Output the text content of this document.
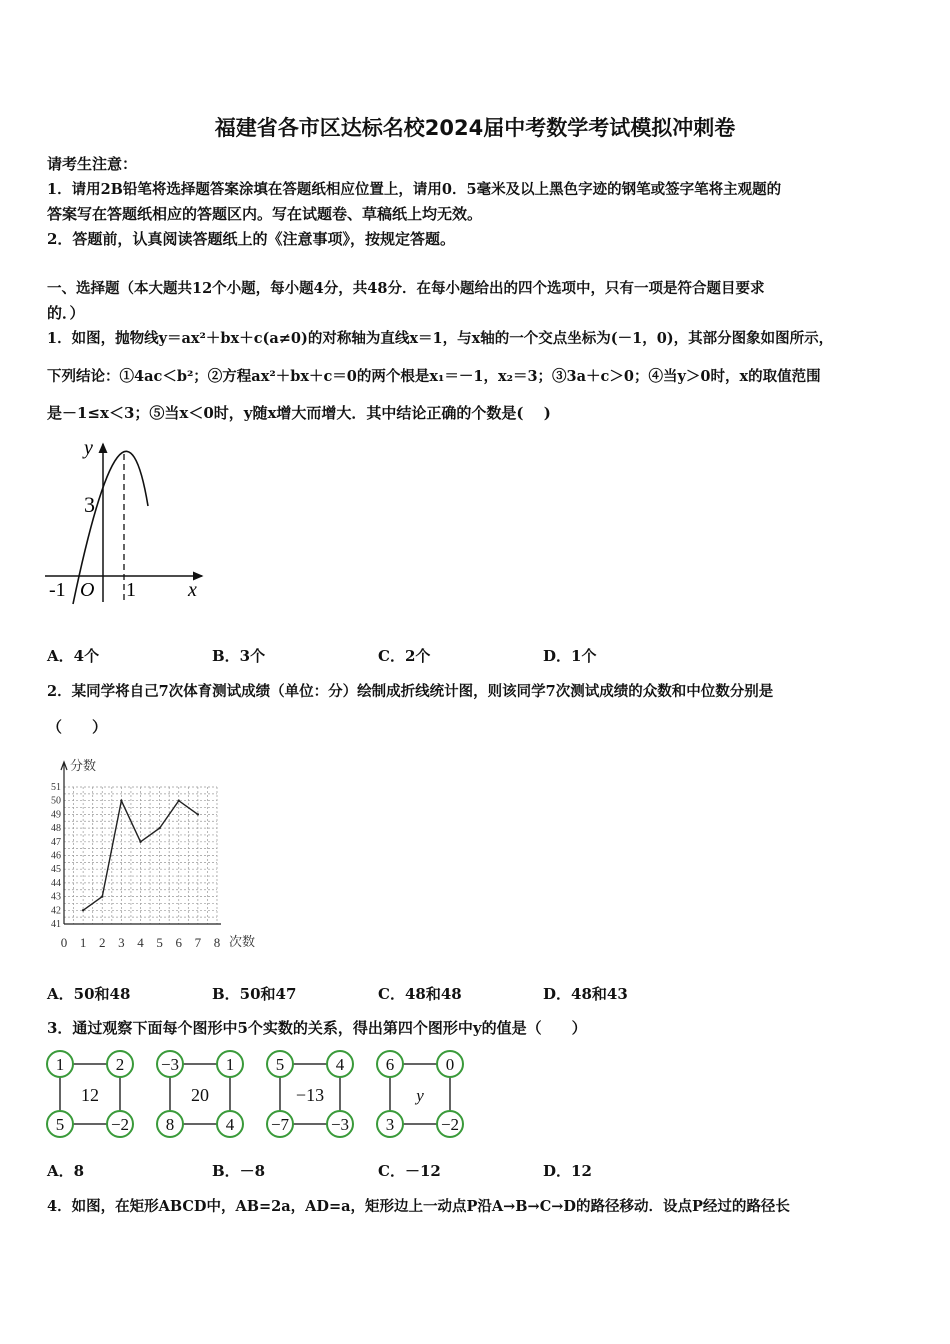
福建省各市区达标名校2024届中考数学考试模拟冲刺卷
请考生注意：
1．请用2B铅笔将选择题答案涂填在答题纸相应位置上，请用0．5毫米及以上黑色字迹的钢笔或签字笔将主观题的
答案写在答题纸相应的答题区内。写在试题卷、草稿纸上均无效。
2．答题前，认真阅读答题纸上的《注意事项》，按规定答题。
一、选择题（本大题共12个小题，每小题4分，共48分．在每小题给出的四个选项中，只有一项是符合题目要求
的．）
1．如图，抛物线y＝ax²＋bx＋c(a≠0)的对称轴为直线x＝1，与x轴的一个交点坐标为(－1，0)，其部分图象如图所示，
下列结论：①4ac＜b²；②方程ax²＋bx＋c＝0的两个根是x₁＝－1，x₂＝3；③3a＋c＞0；④当y＞0时，x的取值范围
是－1≤x＜3；⑤当x＜0时，y随x增大而增大．其中结论正确的个数是(　 )
y
x
3
-1 O 1
A．4个	B．3个	C．2个	D．1个
2．某同学将自己7次体育测试成绩（单位：分）绘制成折线统计图，则该同学7次测试成绩的众数和中位数分别是
（　　）
分数
次数
41
42
43
44
45
46
47
48
49
50
51
0 1 2 3 4 5 6 7 8
A．50和48	B．50和47	C．48和48	D．48和43
3．通过观察下面每个图形中5个实数的关系，得出第四个图形中y的值是（　　）
1	2
5	−2
12
−3	1
8	4
20
5	4
−7 −3
−13
6	0
3	−2
y
A．8	B．－8	C．－12	D．12
4．如图，在矩形ABCD中，AB=2a，AD=a，矩形边上一动点P沿A→B→C→D的路径移动．设点P经过的路径长
